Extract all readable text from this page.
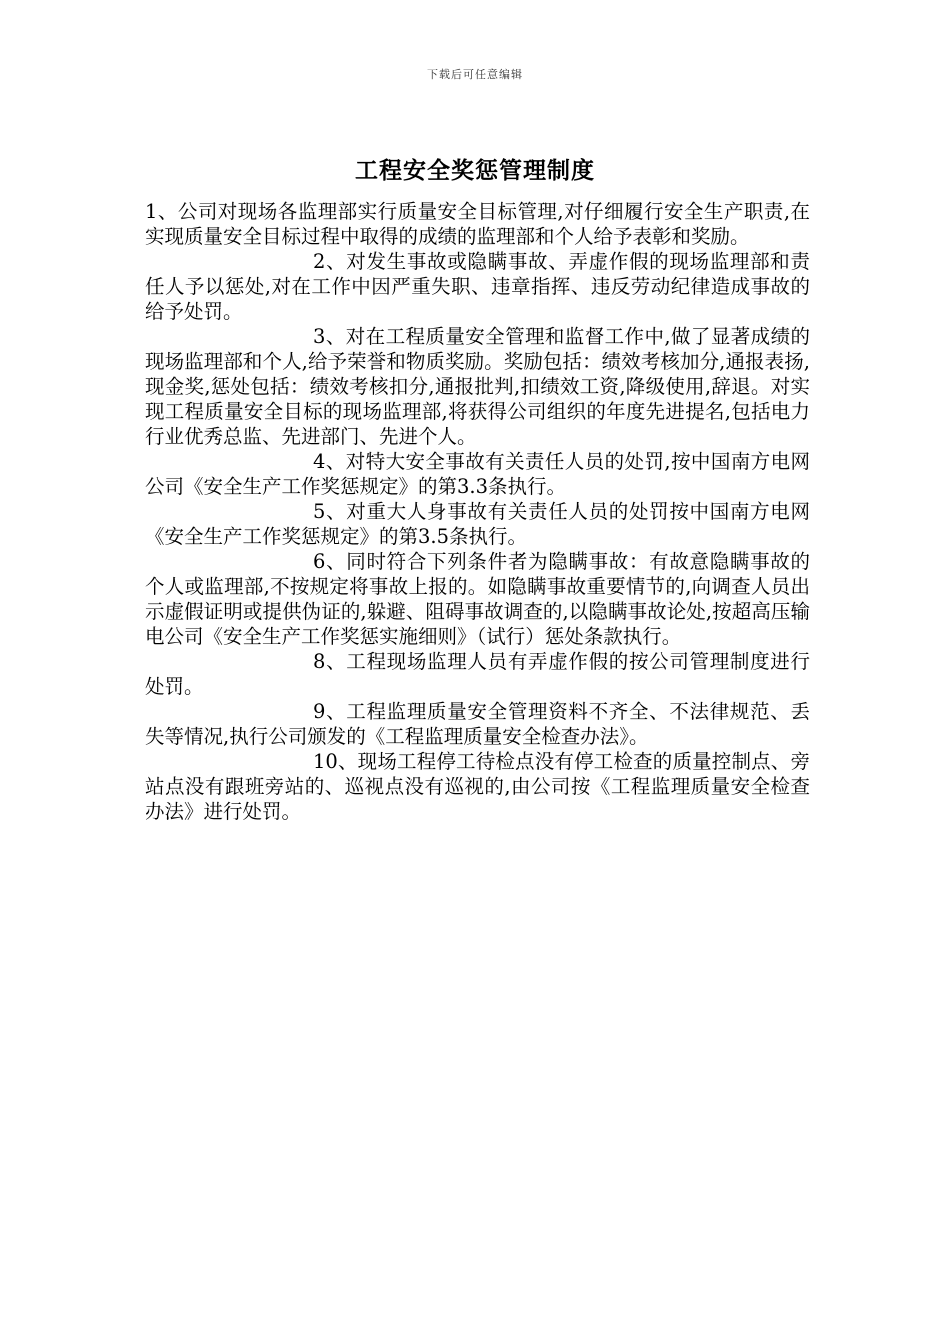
下载后可任意编辑
工程安全奖惩管理制度

1、公司对现场各监理部实行质量安全目标管理,对仔细履行安全生产职责,在实现质量安全目标过程中取得的成绩的监理部和个人给予表彰和奖励。

2、对发生事故或隐瞒事故、弄虚作假的现场监理部和责任人予以惩处,对在工作中因严重失职、违章指挥、违反劳动纪律造成事故的给予处罚。

3、对在工程质量安全管理和监督工作中,做了显著成绩的现场监理部和个人,给予荣誉和物质奖励。奖励包括：绩效考核加分,通报表扬,现金奖,惩处包括：绩效考核扣分,通报批判,扣绩效工资,降级使用,辞退。对实现工程质量安全目标的现场监理部,将获得公司组织的年度先进提名,包括电力行业优秀总监、先进部门、先进个人。

4、对特大安全事故有关责任人员的处罚,按中国南方电网公司《安全生产工作奖惩规定》的第3.3条执行。

5、对重大人身事故有关责任人员的处罚按中国南方电网《安全生产工作奖惩规定》的第3.5条执行。

6、同时符合下列条件者为隐瞒事故：有故意隐瞒事故的个人或监理部,不按规定将事故上报的。如隐瞒事故重要情节的,向调查人员出示虚假证明或提供伪证的,躲避、阻碍事故调查的,以隐瞒事故论处,按超高压输电公司《安全生产工作奖惩实施细则》（试行）惩处条款执行。

8、工程现场监理人员有弄虚作假的按公司管理制度进行处罚。

9、工程监理质量安全管理资料不齐全、不法律规范、丢失等情况,执行公司颁发的《工程监理质量安全检查办法》。

10、现场工程停工待检点没有停工检查的质量控制点、旁站点没有跟班旁站的、巡视点没有巡视的,由公司按《工程监理质量安全检查办法》进行处罚。
